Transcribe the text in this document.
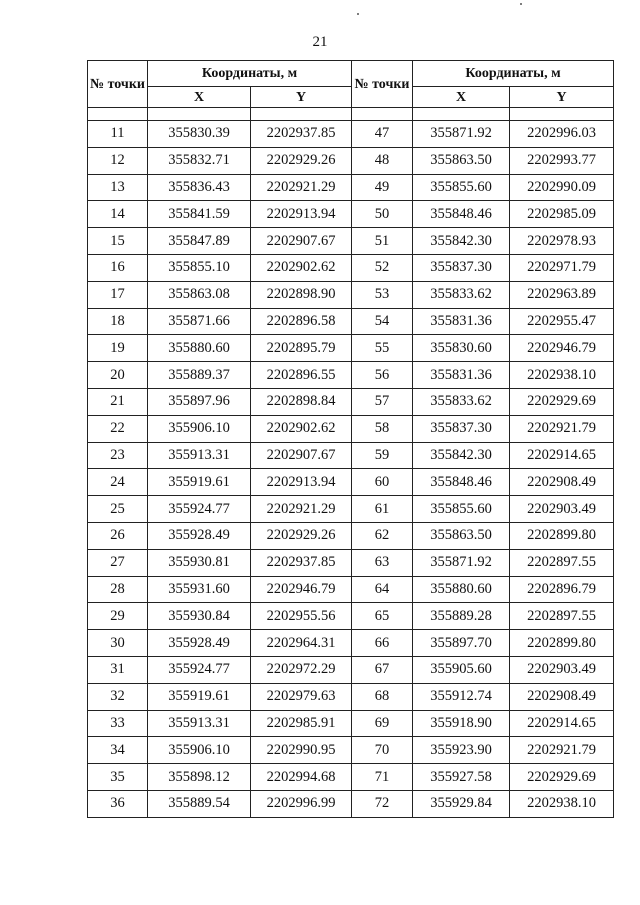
21
№ точки	Координаты, м		№ точки	Координаты, м	
	X	Y		X	Y

11	355830.39	2202937.85	47	355871.92	2202996.03
12	355832.71	2202929.26	48	355863.50	2202993.77
13	355836.43	2202921.29	49	355855.60	2202990.09
14	355841.59	2202913.94	50	355848.46	2202985.09
15	355847.89	2202907.67	51	355842.30	2202978.93
16	355855.10	2202902.62	52	355837.30	2202971.79
17	355863.08	2202898.90	53	355833.62	2202963.89
18	355871.66	2202896.58	54	355831.36	2202955.47
19	355880.60	2202895.79	55	355830.60	2202946.79
20	355889.37	2202896.55	56	355831.36	2202938.10
21	355897.96	2202898.84	57	355833.62	2202929.69
22	355906.10	2202902.62	58	355837.30	2202921.79
23	355913.31	2202907.67	59	355842.30	2202914.65
24	355919.61	2202913.94	60	355848.46	2202908.49
25	355924.77	2202921.29	61	355855.60	2202903.49
26	355928.49	2202929.26	62	355863.50	2202899.80
27	355930.81	2202937.85	63	355871.92	2202897.55
28	355931.60	2202946.79	64	355880.60	2202896.79
29	355930.84	2202955.56	65	355889.28	2202897.55
30	355928.49	2202964.31	66	355897.70	2202899.80
31	355924.77	2202972.29	67	355905.60	2202903.49
32	355919.61	2202979.63	68	355912.74	2202908.49
33	355913.31	2202985.91	69	355918.90	2202914.65
34	355906.10	2202990.95	70	355923.90	2202921.79
35	355898.12	2202994.68	71	355927.58	2202929.69
36	355889.54	2202996.99	72	355929.84	2202938.10
